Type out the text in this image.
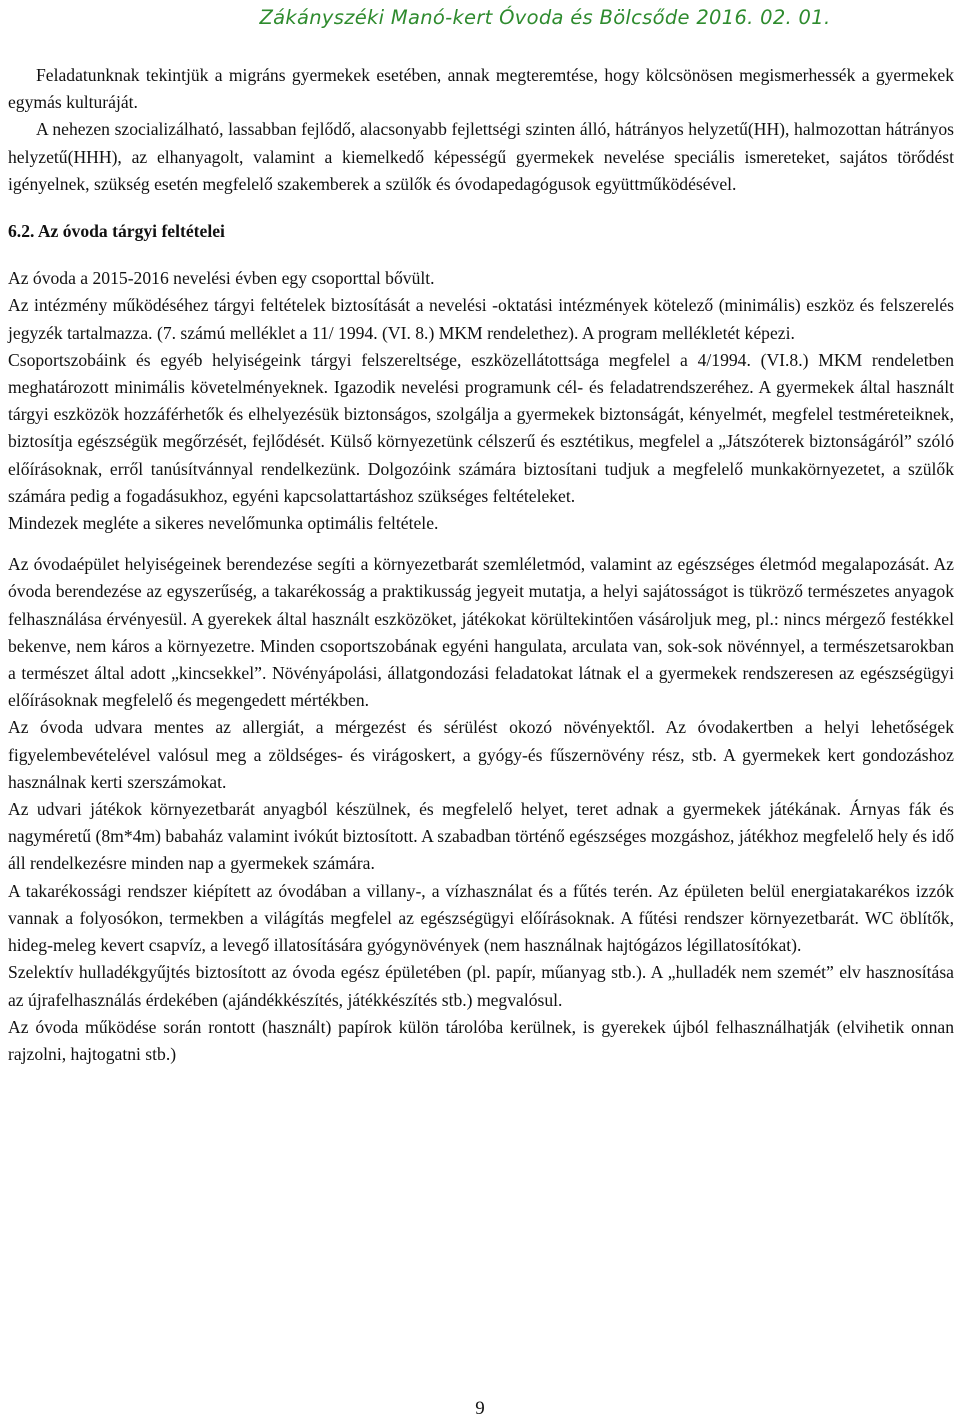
Zákányszéki Manó-kert Óvoda és Bölcsőde 2016. 02. 01.

Feladatunknak tekintjük a migráns gyermekek esetében, annak megteremtése, hogy kölcsönösen megismerhessék a gyermekek egymás kulturáját.

A nehezen szocializálható, lassabban fejlődő, alacsonyabb fejlettségi szinten álló, hátrányos helyzetű(HH), halmozottan hátrányos helyzetű(HHH), az elhanyagolt, valamint a kiemelkedő képességű gyermekek nevelése speciális ismereteket, sajátos törődést igényelnek, szükség esetén megfelelő szakemberek a szülők és óvodapedagógusok együttműködésével.

6.2. Az óvoda tárgyi feltételei

Az óvoda a 2015-2016 nevelési évben egy csoporttal bővült.

Az intézmény működéséhez tárgyi feltételek biztosítását a nevelési -oktatási intézmények kötelező (minimális) eszköz és felszerelés jegyzék tartalmazza. (7. számú melléklet a 11/ 1994. (VI. 8.) MKM rendelethez). A program mellékletét képezi.

Csoportszobáink és egyéb helyiségeink tárgyi felszereltsége, eszközellátottsága megfelel a 4/1994. (VI.8.) MKM rendeletben meghatározott minimális követelményeknek. Igazodik nevelési programunk cél- és feladatrendszeréhez. A gyermekek által használt tárgyi eszközök hozzáférhetők és elhelyezésük biztonságos, szolgálja a gyermekek biztonságát, kényelmét, megfelel testméreteiknek, biztosítja egészségük megőrzését, fejlődését. Külső környezetünk célszerű és esztétikus, megfelel a „Játszóterek biztonságáról” szóló előírásoknak, erről tanúsítvánnyal rendelkezünk. Dolgozóink számára biztosítani tudjuk a megfelelő munkakörnyezetet, a szülők számára pedig a fogadásukhoz, egyéni kapcsolattartáshoz szükséges feltételeket.

Mindezek megléte a sikeres nevelőmunka optimális feltétele.

Az óvodaépület helyiségeinek berendezése segíti a környezetbarát szemléletmód, valamint az egészséges életmód megalapozását. Az óvoda berendezése az egyszerűség, a takarékosság a praktikusság jegyeit mutatja, a helyi sajátosságot is tükröző természetes anyagok felhasználása érvényesül. A gyerekek által használt eszközöket, játékokat körültekintően vásároljuk meg, pl.: nincs mérgező festékkel bekenve, nem káros a környezetre. Minden csoportszobának egyéni hangulata, arculata van, sok-sok növénnyel, a természetsarokban a természet által adott „kincsekkel”. Növényápolási, állatgondozási feladatokat látnak el a gyermekek rendszeresen az egészségügyi előírásoknak megfelelő és megengedett mértékben.

Az óvoda udvara mentes az allergiát, a mérgezést és sérülést okozó növényektől. Az óvodakertben a helyi lehetőségek figyelembevételével valósul meg a zöldséges- és virágoskert, a gyógy-és fűszernövény rész, stb. A gyermekek kert gondozáshoz használnak kerti szerszámokat.

Az udvari játékok környezetbarát anyagból készülnek, és megfelelő helyet, teret adnak a gyermekek játékának. Árnyas fák és nagyméretű (8m*4m) babaház valamint ivókút biztosított. A szabadban történő egészséges mozgáshoz, játékhoz megfelelő hely és idő áll rendelkezésre minden nap a gyermekek számára.

A takarékossági rendszer kiépített az óvodában a villany-, a vízhasználat és a fűtés terén. Az épületen belül energiatakarékos izzók vannak a folyosókon, termekben a világítás megfelel az egészségügyi előírásoknak. A fűtési rendszer környezetbarát. WC öblítők, hideg-meleg kevert csapvíz, a levegő illatosítására gyógynövények (nem használnak hajtógázos légillatosítókat).

Szelektív hulladékgyűjtés biztosított az óvoda egész épületében (pl. papír, műanyag stb.). A „hulladék nem szemét” elv hasznosítása az újrafelhasználás érdekében (ajándékkészítés, játékkészítés stb.) megvalósul.

Az óvoda működése során rontott (használt) papírok külön tárolóba kerülnek, is gyerekek újból felhasználhatják (elvihetik onnan rajzolni, hajtogatni stb.)

9
